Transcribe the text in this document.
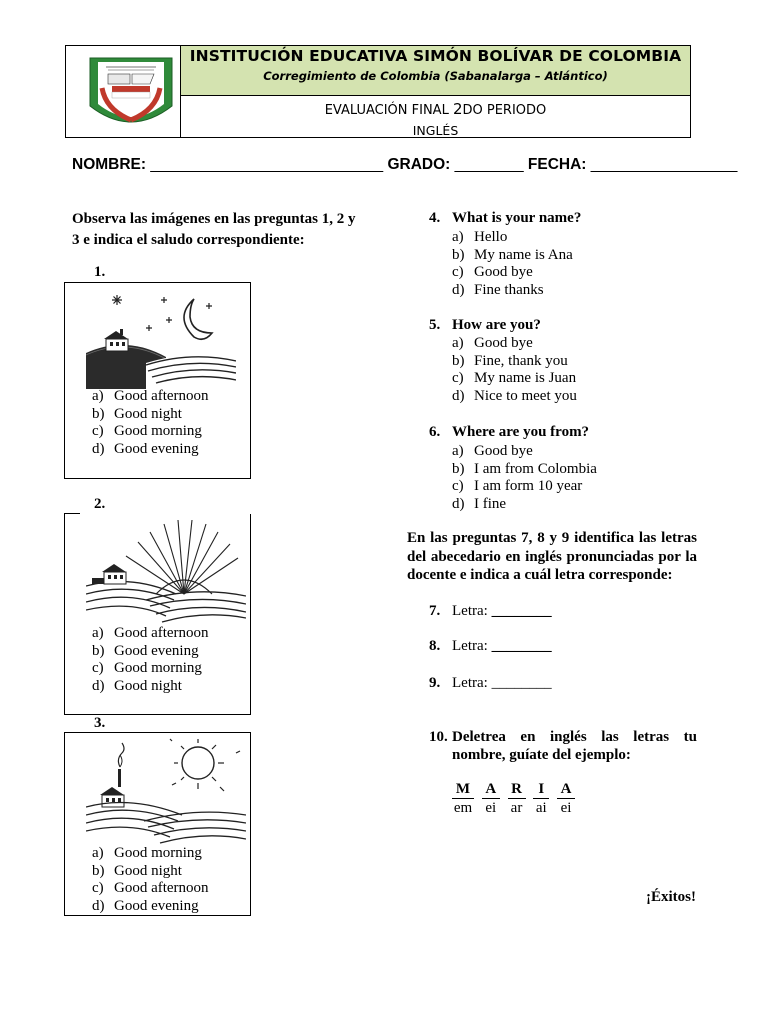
INSTITUCIÓN EDUCATIVA SIMÓN BOLÍVAR DE COLOMBIA
Corregimiento de Colombia (Sabanalarga – Atlántico)
EVALUACIÓN FINAL 2DO PERIODO
INGLÉS
NOMBRE: ___________________________ GRADO: ________ FECHA: _________________
Observa las imágenes en las preguntas 1, 2 y 3 e indica el saludo correspondiente:
1.
a) Good afternoon
b) Good night
c) Good morning
d) Good evening
2.
a) Good afternoon
b) Good evening
c) Good morning
d) Good night
3.
a) Good morning
b) Good night
c) Good afternoon
d) Good evening
4. What is your name?
a) Hello
b) My name is Ana
c) Good bye
d) Fine thanks
5. How are you?
a) Good bye
b) Fine, thank you
c) My name is Juan
d) Nice to meet you
6. Where are you from?
a) Good bye
b) I am from Colombia
c) I am form 10 year
d) I fine
En las preguntas 7, 8 y 9 identifica las letras del abecedario en inglés pronunciadas por la docente e indica a cuál letra corresponde:
7. Letra: ________
8. Letra: ________
9. Letra: ________
10. Deletrea en inglés las letras tu nombre, guíate del ejemplo:
M A R I A
em ei ar ai ei
¡Éxitos!
